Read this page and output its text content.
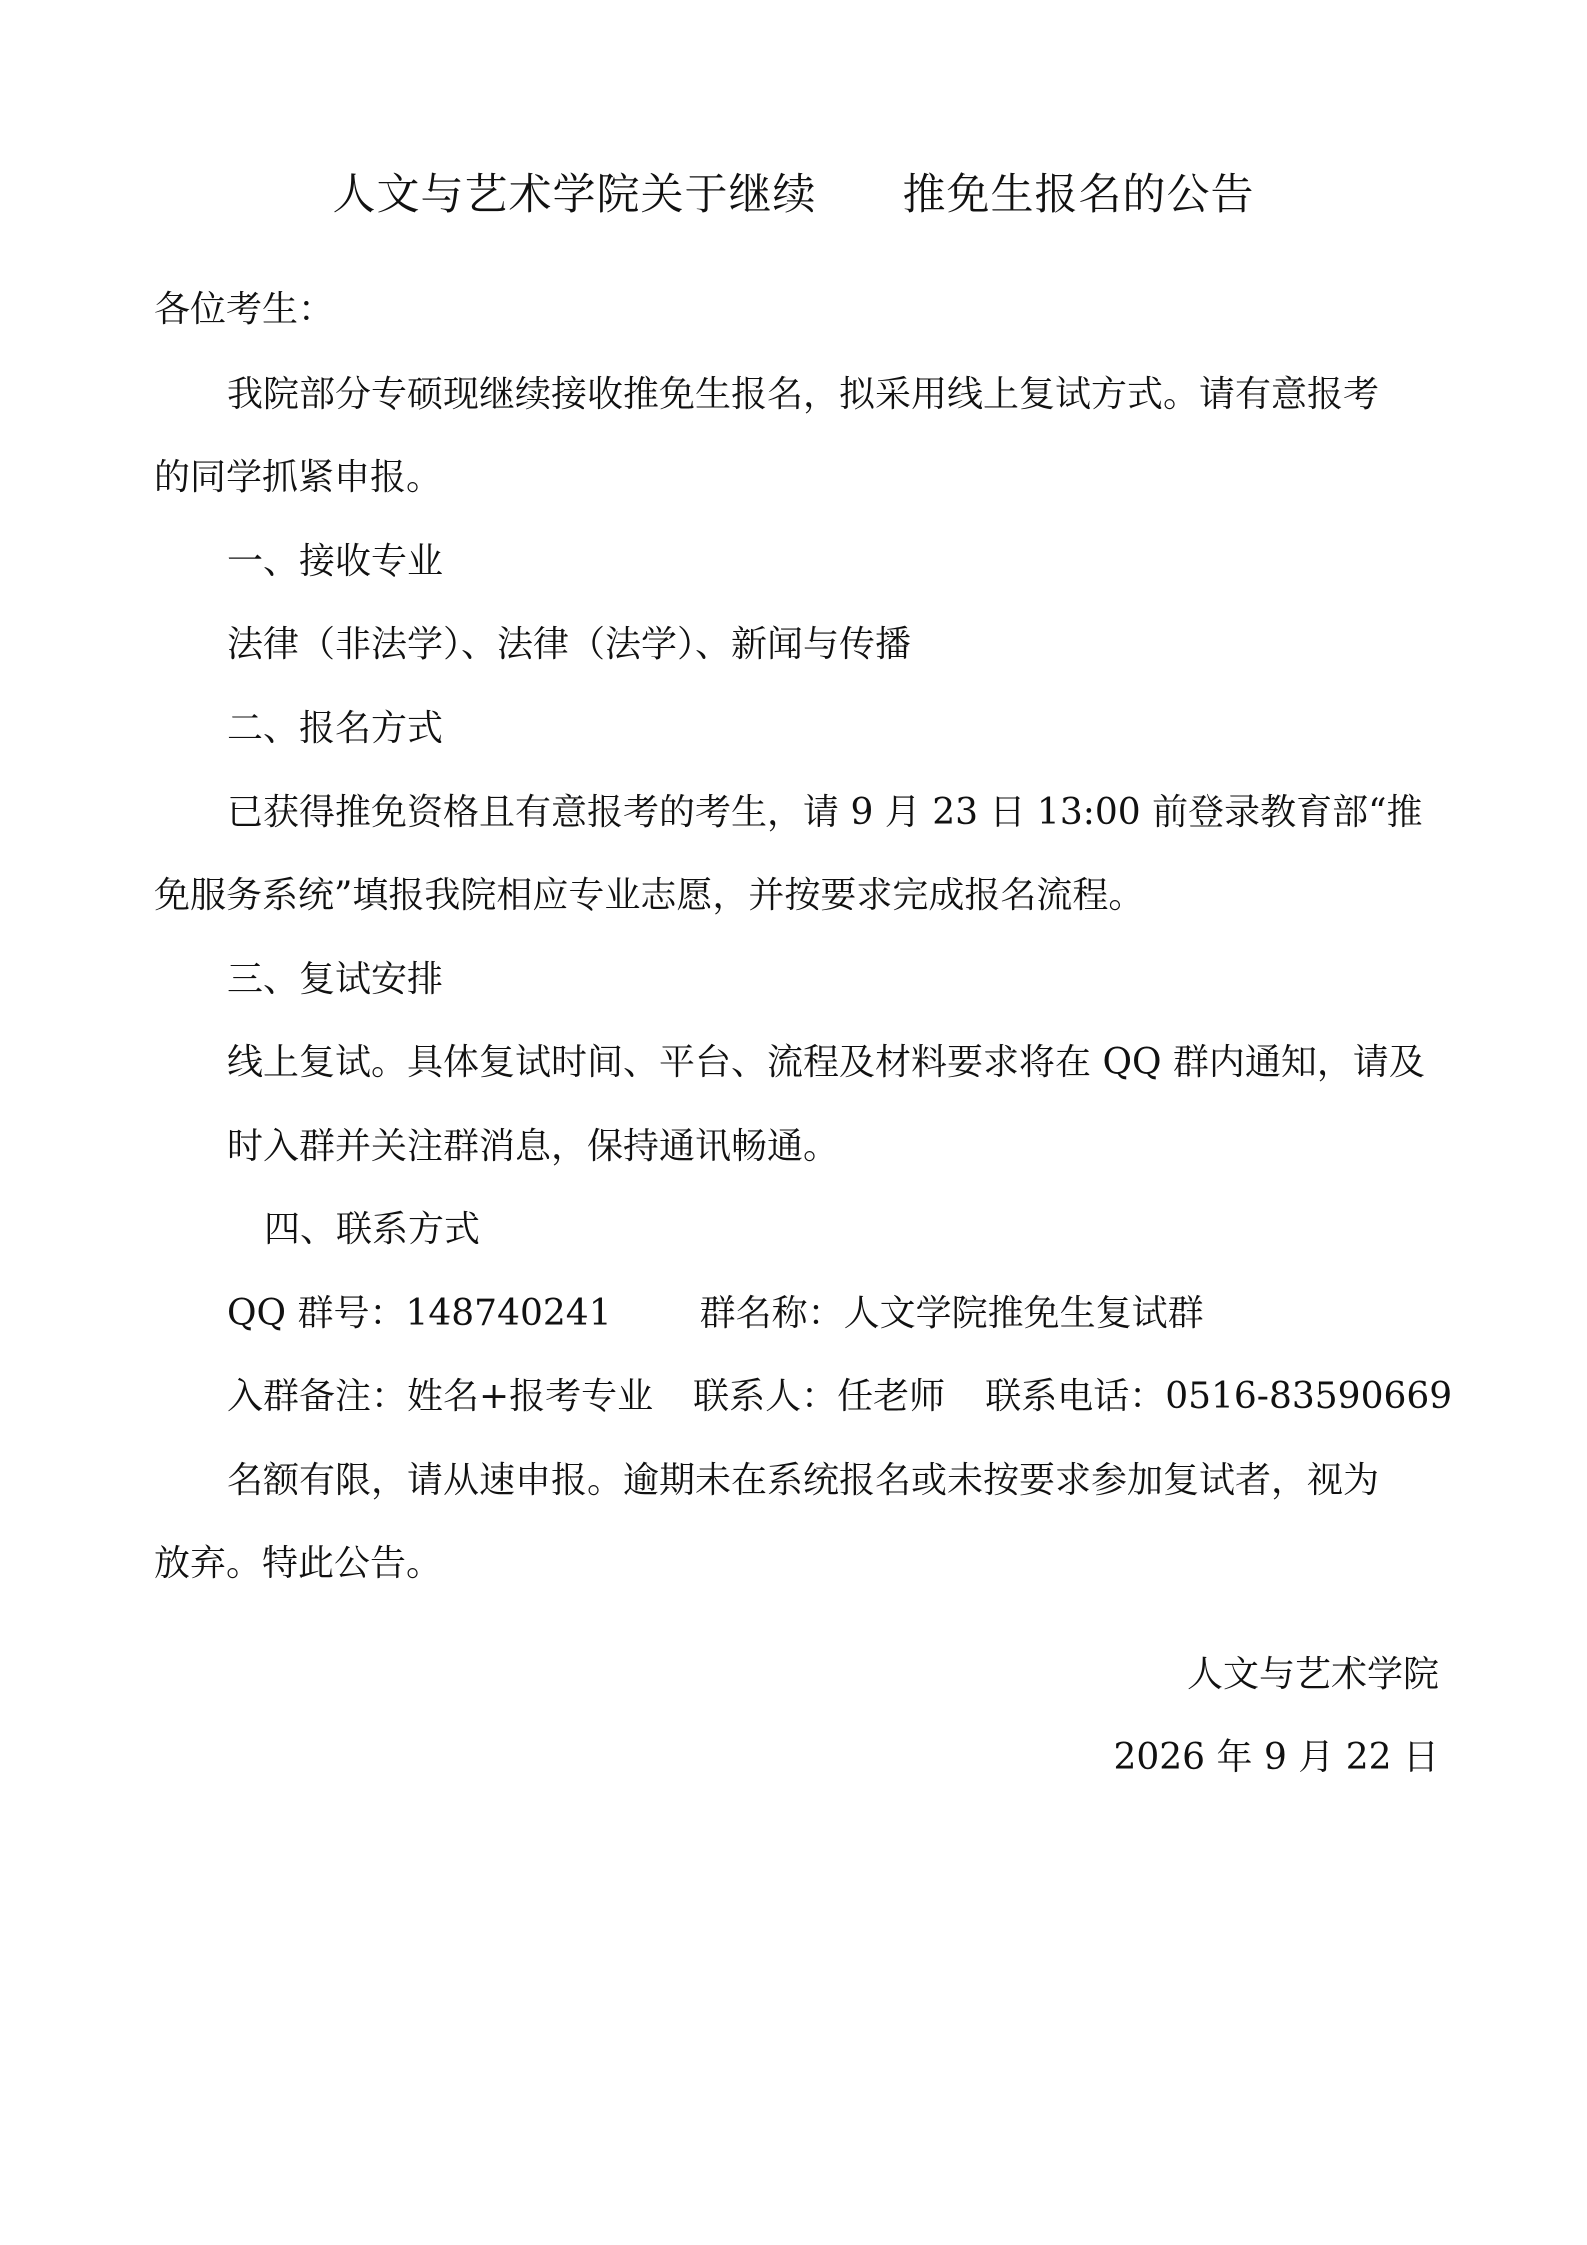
人文与艺术学院关于继续 推免生报名的公告
各位考生：
我院部分专硕现继续接收推免生报名，拟采用线上复试方式。请有意报考
的同学抓紧申报。
一、接收专业
法律（非法学）、法律（法学）、新闻与传播
二、报名方式
已获得推免资格且有意报考的考生，请 9 月 23 日 13:00 前登录教育部“推
免服务系统”填报我院相应专业志愿，并按要求完成报名流程。
三、复试安排
线上复试。具体复试时间、平台、流程及材料要求将在 QQ 群内通知，请及
时入群并关注群消息，保持通讯畅通。
四、联系方式
QQ 群号：148740241 群名称：人文学院推免生复试群
入群备注：姓名+报考专业 联系人：任老师 联系电话：0516-83590669
名额有限，请从速申报。逾期未在系统报名或未按要求参加复试者，视为
放弃。特此公告。
人文与艺术学院
2026 年 9 月 22 日
